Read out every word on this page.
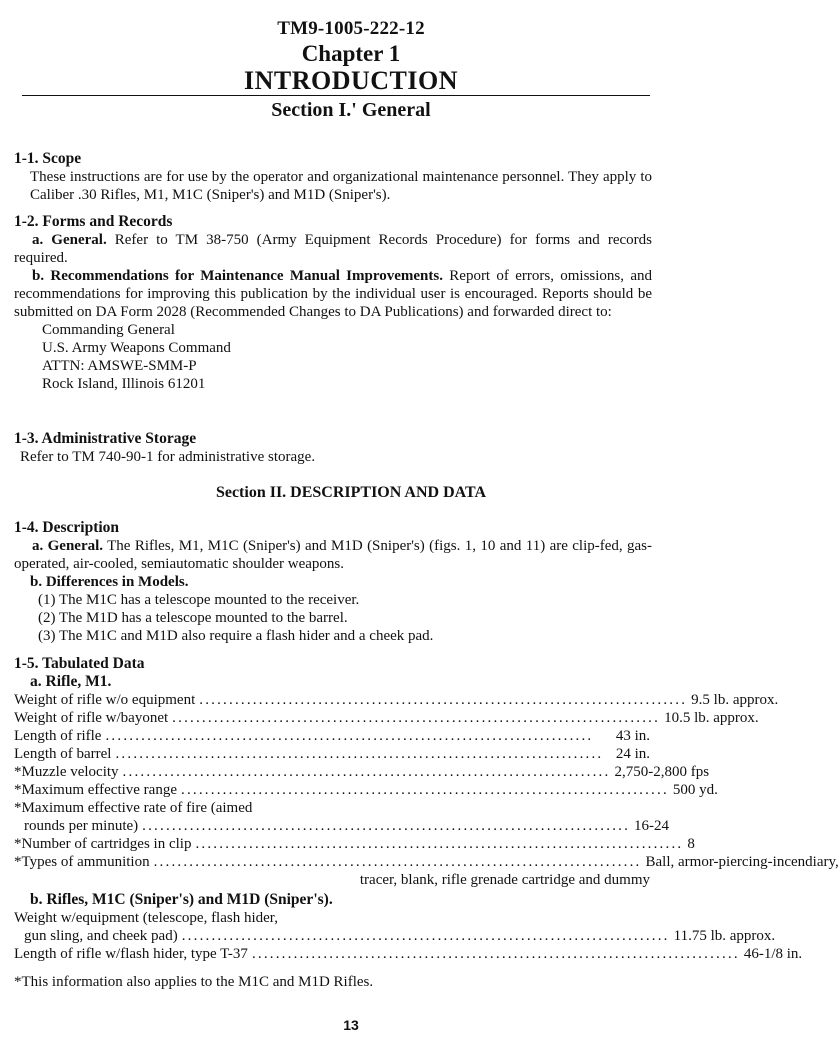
TM9-1005-222-12
Chapter 1
INTRODUCTION
Section I.' General
1-1. Scope
These instructions are for use by the operator and organizational maintenance personnel. They apply to Caliber .30 Rifles, M1, M1C (Sniper's) and M1D (Sniper's).
1-2. Forms and Records
a. General. Refer to TM 38-750 (Army Equipment Records Procedure) for forms and records required.
b. Recommendations for Maintenance Manual Improvements. Report of errors, omissions, and recommendations for improving this publication by the individual user is encouraged. Reports should be submitted on DA Form 2028 (Recommended Changes to DA Publications) and forwarded direct to:
Commanding General
U.S. Army Weapons Command
ATTN: AMSWE-SMM-P
Rock Island, Illinois 61201
1-3. Administrative Storage
Refer to TM 740-90-1 for administrative storage.
Section II. DESCRIPTION AND DATA
1-4. Description
a. General. The Rifles, M1, M1C (Sniper's) and M1D (Sniper's) (figs. 1, 10 and 11) are clip-fed, gas-operated, air-cooled, semiautomatic shoulder weapons.
b. Differences in Models.
(1) The M1C has a telescope mounted to the receiver.
(2) The M1D has a telescope mounted to the barrel.
(3) The M1C and M1D also require a flash hider and a cheek pad.
1-5. Tabulated Data
a. Rifle, M1.
Weight of rifle w/o equipment .................................................................................. 9.5 lb. approx.
Weight of rifle w/bayonet .................................................................................. 10.5 lb. approx.
Length of rifle ..................................................................................	43 in.
Length of barrel .................................................................................. 24 in.
*Muzzle velocity .................................................................................. 2,750-2,800 fps
*Maximum effective range .................................................................................. 500 yd.
*Maximum effective rate of fire (aimed
rounds per minute) .................................................................................. 16-24
*Number of cartridges in clip .................................................................................. 8
*Types of ammunition .................................................................................. Ball, armor-piercing-incendiary,
tracer, blank, rifle grenade cartridge and dummy
b. Rifles, M1C (Sniper's) and M1D (Sniper's).
Weight w/equipment (telescope, flash hider,
gun sling, and cheek pad) .................................................................................. 11.75 lb. approx.
Length of rifle w/flash hider, type T-37 .................................................................................. 46-1/8 in.
*This information also applies to the M1C and M1D Rifles.
13
